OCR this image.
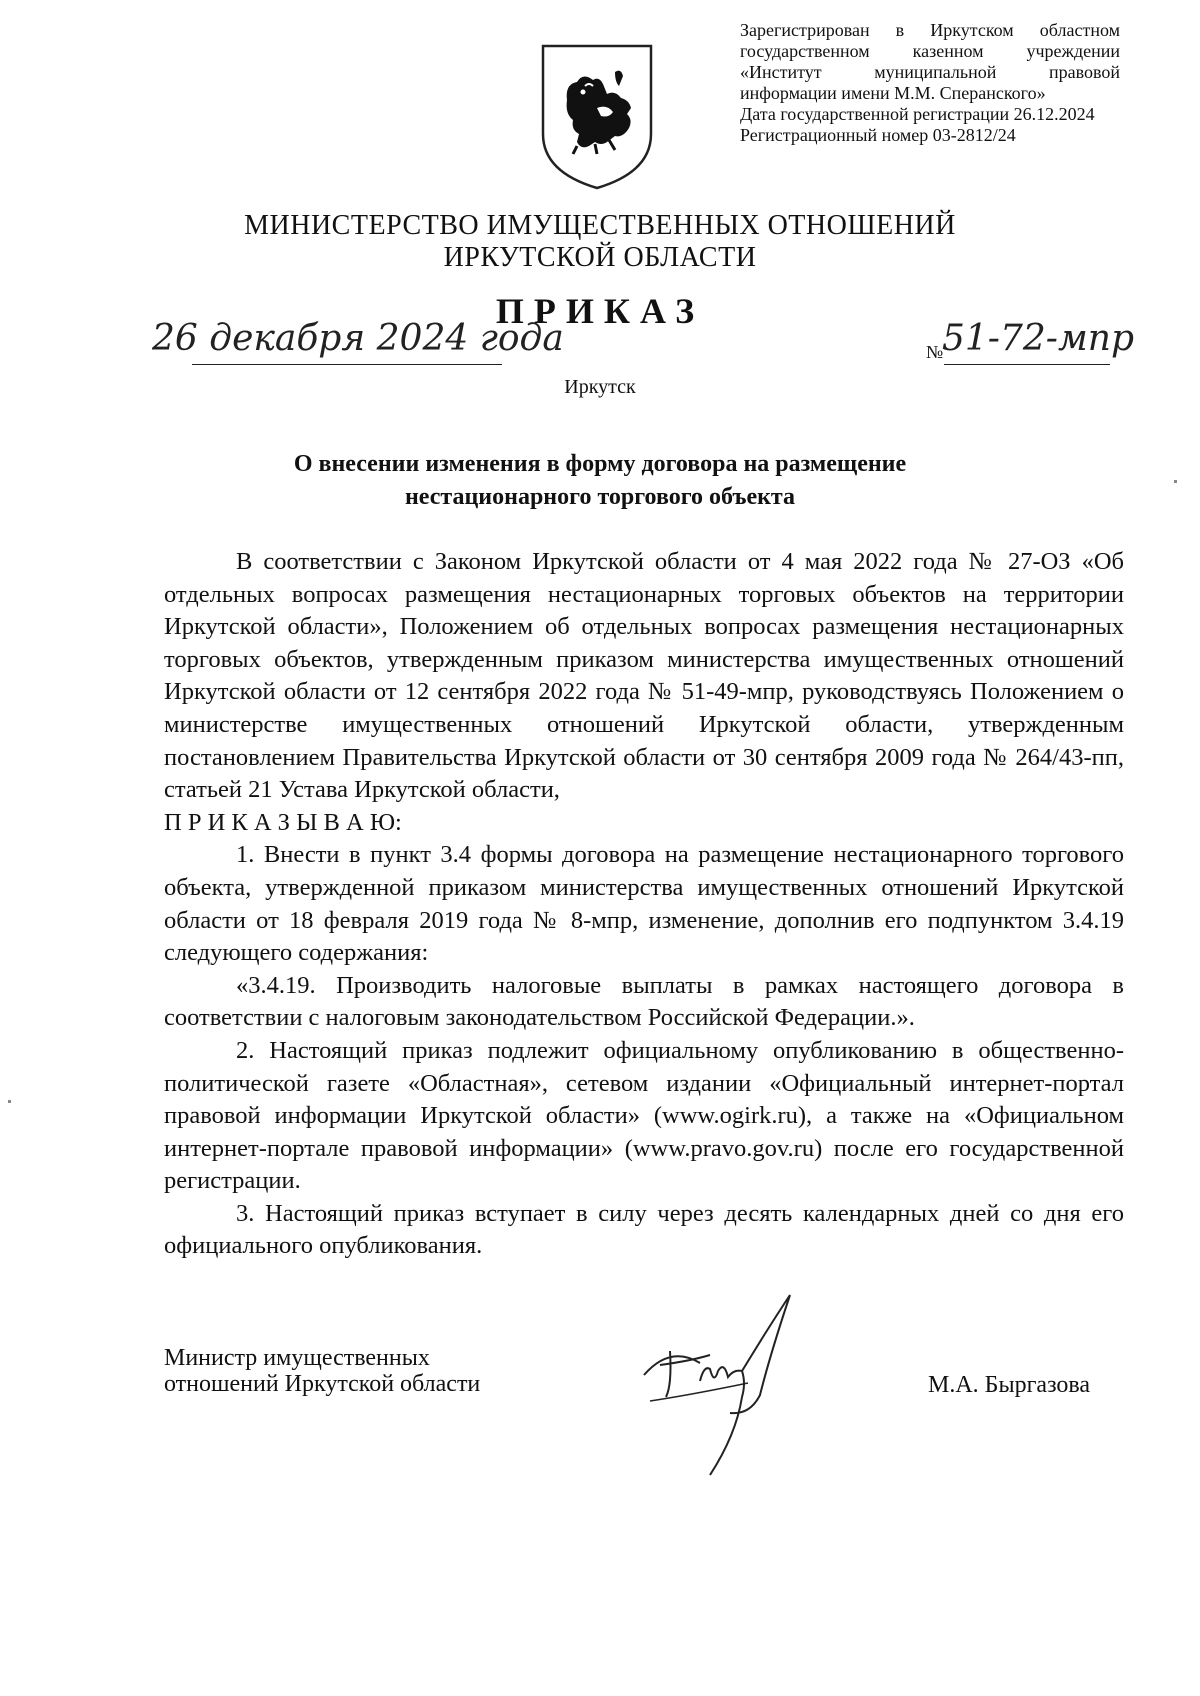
Зарегистрирован в Иркутском областном
государственном казенном учреждении
«Институт муниципальной правовой
информации имени М.М. Сперанского»
Дата государственной регистрации 26.12.2024
Регистрационный номер 03-2812/24
МИНИСТЕРСТВО ИМУЩЕСТВЕННЫХ ОТНОШЕНИЙ
ИРКУТСКОЙ ОБЛАСТИ
ПРИКАЗ
26 декабря 2024 года	№
51-72-мпр
Иркутск
О внесении изменения в форму договора на размещение
нестационарного торгового объекта

В соответствии с Законом Иркутской области от 4 мая 2022 года № 27-ОЗ «Об отдельных вопросах размещения нестационарных торговых объектов на территории Иркутской области», Положением об отдельных вопросах размещения нестационарных торговых объектов, утвержденным приказом министерства имущественных отношений Иркутской области от 12 сентября 2022 года № 51-49-мпр, руководствуясь Положением о министерстве имущественных отношений Иркутской области, утвержденным постановлением Правительства Иркутской области от 30 сентября 2009 года № 264/43-пп, статьей 21 Устава Иркутской области,

П Р И К А З Ы В А Ю:

1. Внести в пункт 3.4 формы договора на размещение нестационарного торгового объекта, утвержденной приказом министерства имущественных отношений Иркутской области от 18 февраля 2019 года № 8-мпр, изменение, дополнив его подпунктом 3.4.19 следующего содержания:

«3.4.19. Производить налоговые выплаты в рамках настоящего договора в соответствии с налоговым законодательством Российской Федерации.».

2. Настоящий приказ подлежит официальному опубликованию в общественно-политической газете «Областная», сетевом издании «Официальный интернет-портал правовой информации Иркутской области» (www.ogirk.ru), а также на «Официальном интернет-портале правовой информации» (www.pravo.gov.ru) после его государственной регистрации.

3. Настоящий приказ вступает в силу через десять календарных дней со дня его официального опубликования.

Министр имущественных
отношений Иркутской области	М.А. Быргазова
